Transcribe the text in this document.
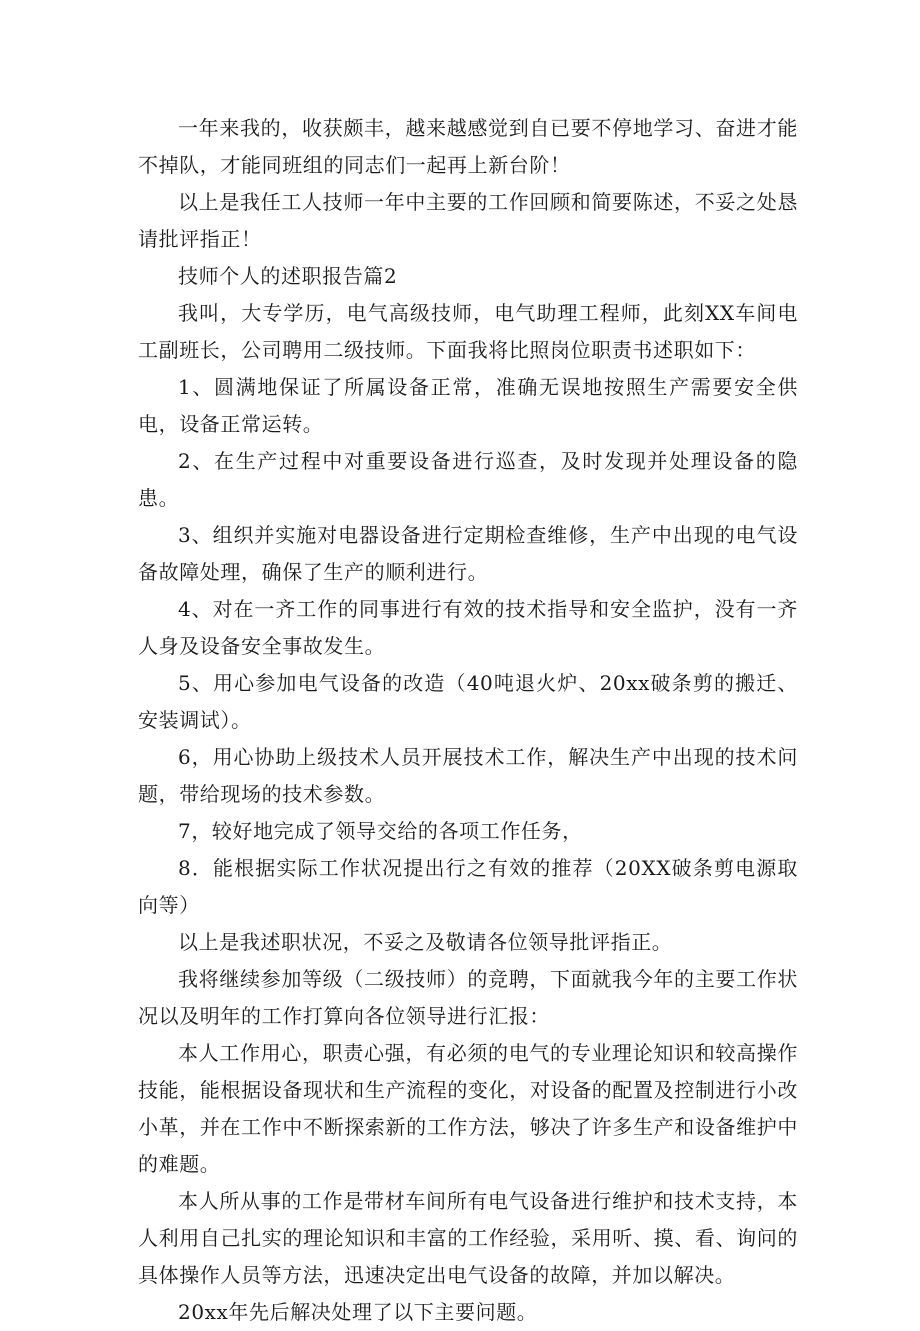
一年来我的，收获颇丰，越来越感觉到自已要不停地学习、奋进才能不掉队，才能同班组的同志们一起再上新台阶！

以上是我任工人技师一年中主要的工作回顾和简要陈述，不妥之处恳请批评指正！

技师个人的述职报告篇2

我叫，大专学历，电气高级技师，电气助理工程师，此刻XX车间电工副班长，公司聘用二级技师。下面我将比照岗位职责书述职如下：

1、圆满地保证了所属设备正常，准确无误地按照生产需要安全供电，设备正常运转。

2、在生产过程中对重要设备进行巡查，及时发现并处理设备的隐患。

3、组织并实施对电器设备进行定期检查维修，生产中出现的电气设备故障处理，确保了生产的顺利进行。

4、对在一齐工作的同事进行有效的技术指导和安全监护，没有一齐人身及设备安全事故发生。

5、用心参加电气设备的改造（40吨退火炉、20xx破条剪的搬迁、安装调试）。

6，用心协助上级技术人员开展技术工作，解决生产中出现的技术问题，带给现场的技术参数。

7，较好地完成了领导交给的各项工作任务，

8．能根据实际工作状况提出行之有效的推荐（20XX破条剪电源取向等）

以上是我述职状况，不妥之及敬请各位领导批评指正。

我将继续参加等级（二级技师）的竞聘，下面就我今年的主要工作状况以及明年的工作打算向各位领导进行汇报：

本人工作用心，职责心强，有必须的电气的专业理论知识和较高操作技能，能根据设备现状和生产流程的变化，对设备的配置及控制进行小改小革，并在工作中不断探索新的工作方法，够决了许多生产和设备维护中的难题。

本人所从事的工作是带材车间所有电气设备进行维护和技术支持，本人利用自己扎实的理论知识和丰富的工作经验，采用听、摸、看、询问的具体操作人员等方法，迅速决定出电气设备的故障，并加以解决。

20xx年先后解决处理了以下主要问题。
